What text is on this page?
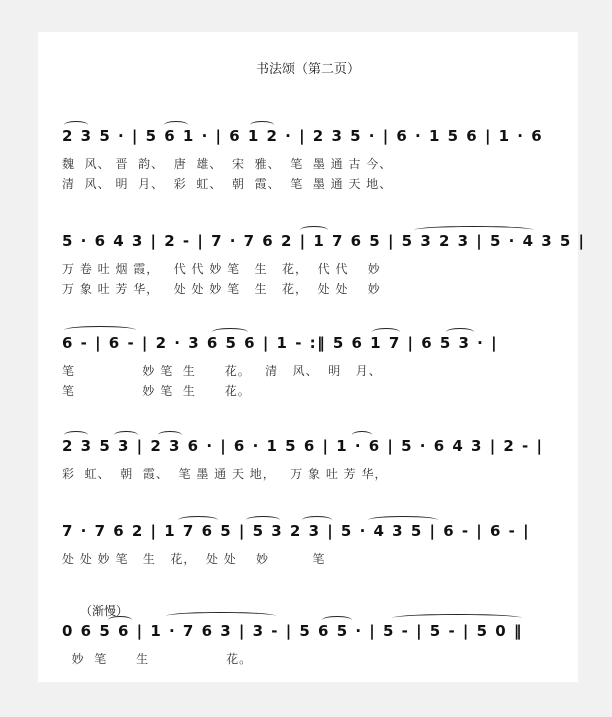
书法颂（第二页）
2 3 5 · | 5 6 1 · | 6 1 2 · | 2 3 5 · | 6 · 1 5 6 | 1 · 6
魏  风、 晋  韵、  唐  雄、  宋  雅、  笔  墨 通 古 今、
清  风、 明  月、  彩  虹、  朝  霞、  笔  墨 通 天 地、
5 · 6 4 3 | 2 - | 7 · 7 6 2 | 1 7 6 5 | 5 3 2 3 | 5 · 4 3 5 |
万 卷 吐 烟 霞，   代 代 妙 笔   生   花，  代 代    妙
万 象 吐 芳 华，   处 处 妙 笔   生   花，  处 处    妙
6 - | 6 - | 2 · 3 6 5 6 | 1 - :‖ 5 6 1 7 | 6 5 3 · |
笔              妙 笔  生      花。   清   风、  明   月、
笔              妙 笔  生      花。
2 3 5 3 | 2 3 6 · | 6 · 1 5 6 | 1 · 6 | 5 · 6 4 3 | 2 - |
彩  虹、  朝  霞、  笔 墨 通 天 地，   万 象 吐 芳 华，
7 · 7 6 2 | 1 7 6 5 | 5 3 2 3 | 5 · 4 3 5 | 6 - | 6 - |
处 处 妙 笔   生   花，  处 处    妙         笔
（渐慢）
0 6 5 6 | 1 · 7 6 3 | 3 - | 5 6 5 · | 5 - | 5 - | 5 0 ‖
妙  笔      生                花。
